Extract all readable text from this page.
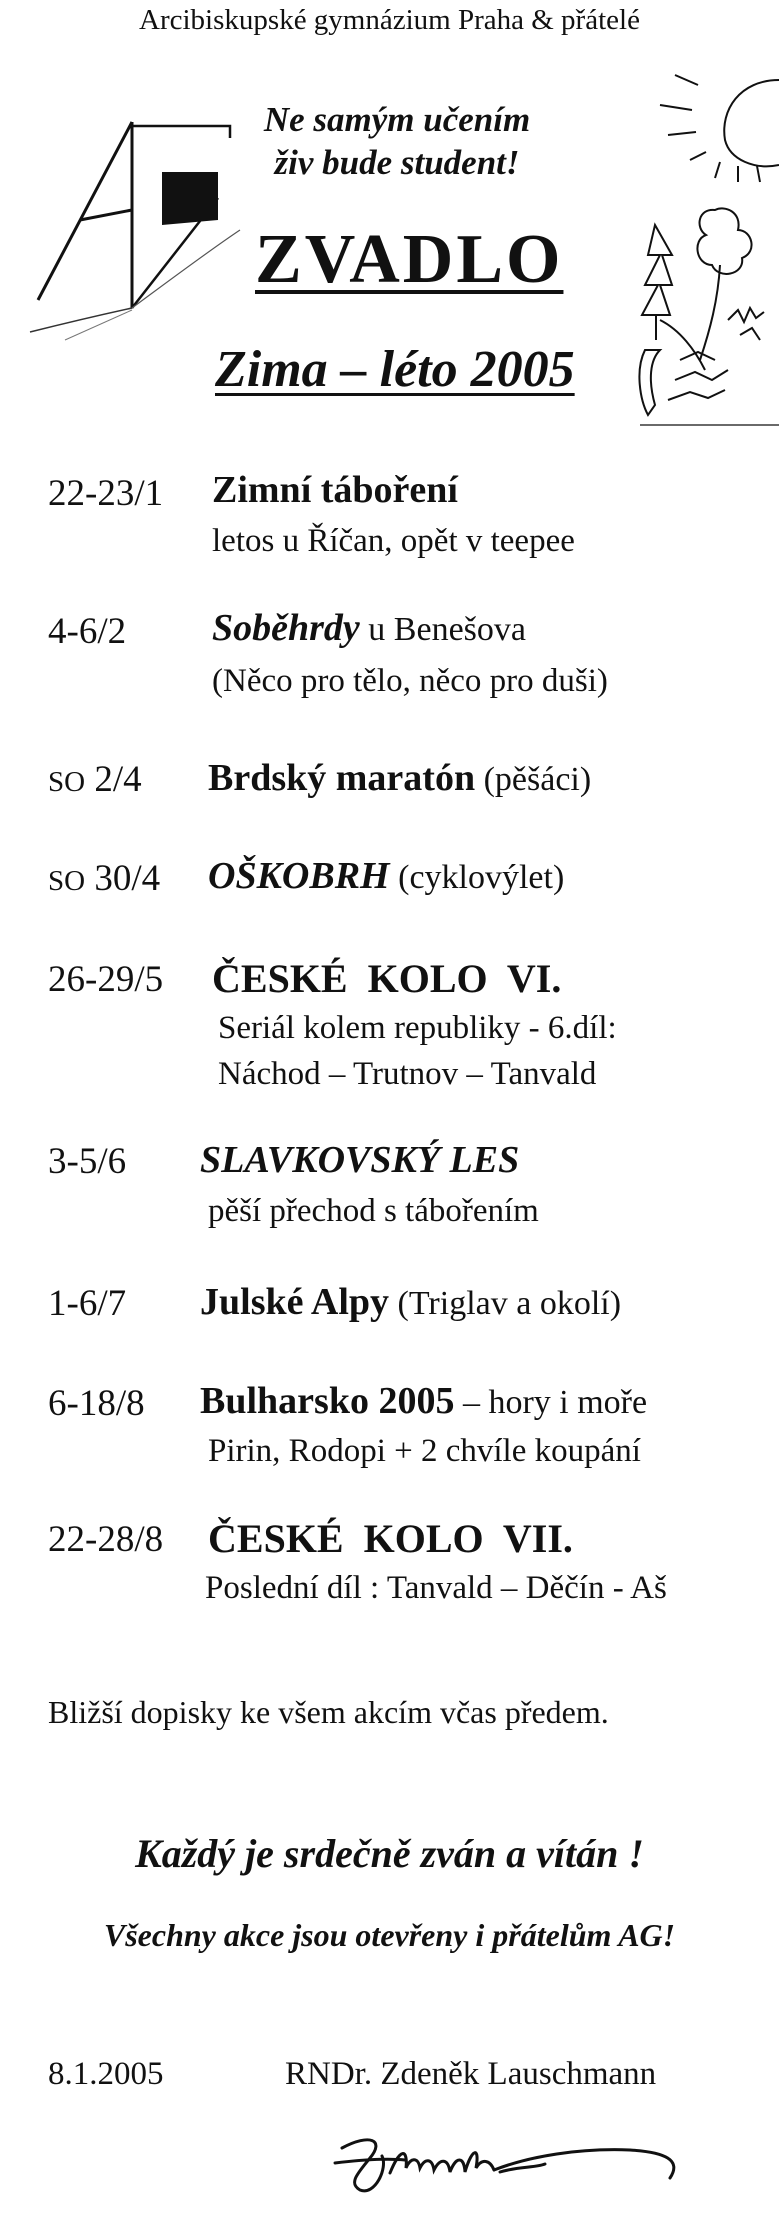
Arcibiskupské gymnázium Praha & přátelé
Ne samým učením
živ bude student!
ZVADLO
Zima – léto 2005
22-23/1 Zimní táboření
letos u Říčan, opět v teepee
4-6/2 Soběhrdy u Benešova
(Něco pro tělo, něco pro duši)
SO 2/4 Brdský maratón (pěšáci)
SO 30/4 OŠKOBRH (cyklovýlet)
26-29/5 ČESKÉ  KOLO  VI.
Seriál kolem republiky - 6.díl:
Náchod – Trutnov – Tanvald
3-5/6 SLAVKOVSKÝ LES
pěší přechod s tábořením
1-6/7 Julské Alpy (Triglav a okolí)
6-18/8 Bulharsko 2005 – hory i moře
Pirin, Rodopi + 2 chvíle koupání
22-28/8 ČESKÉ  KOLO  VII.
Poslední díl : Tanvald – Děčín - Aš
Bližší dopisky ke všem akcím včas předem.
Každý je srdečně zván a vítán !
Všechny akce jsou otevřeny i přátelům AG!
8.1.2005	RNDr. Zdeněk Lauschmann
